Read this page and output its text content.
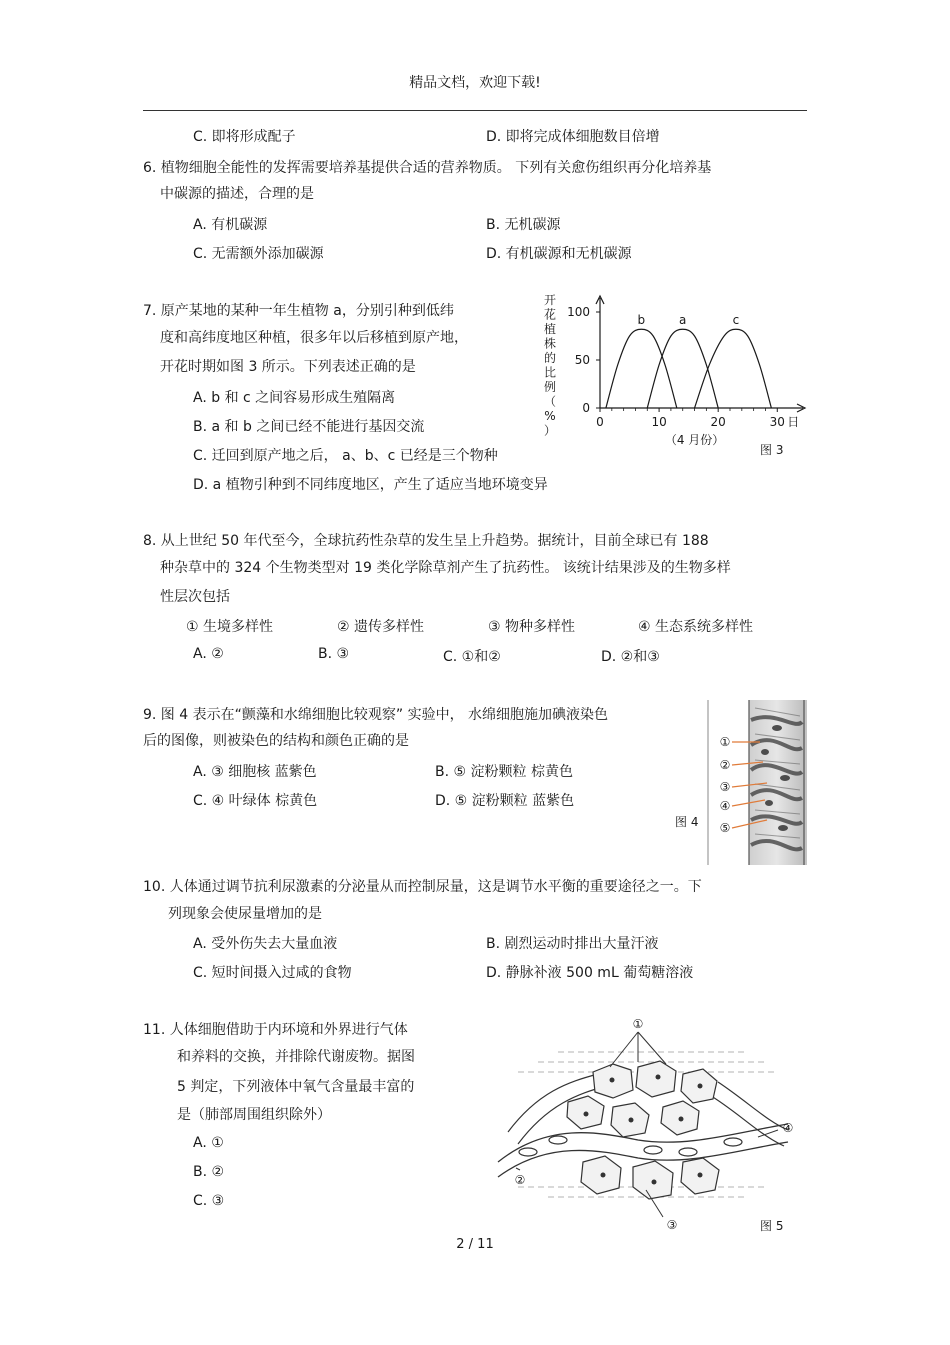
精品文档，欢迎下载!
C. 即将形成配子	D. 即将完成体细胞数目倍增
6. 植物细胞全能性的发挥需要培养基提供合适的营养物质。 下列有关愈伤组织再分化培养基
中碳源的描述，合理的是
A. 有机碳源	B. 无机碳源
C. 无需额外添加碳源	D. 有机碳源和无机碳源
7. 原产某地的某种一年生植物 a，分别引种到低纬
度和高纬度地区种植，很多年以后移植到原产地，
开花时期如图 3 所示。下列表述正确的是
A. b 和 c 之间容易形成生殖隔离
B. a 和 b 之间已经不能进行基因交流
C. 迁回到原产地之后， a、b、c 已经是三个物种
D. a 植物引种到不同纬度地区，产生了适应当地环境变异
开
花
植
株
的
比
例
（
%
）
b	a	c
0
50
100
0	10	20	30 日
（4 月份）
图 3
8. 从上世纪 50 年代至今，全球抗药性杂草的发生呈上升趋势。据统计，目前全球已有 188
种杂草中的 324 个生物类型对 19 类化学除草剂产生了抗药性。 该统计结果涉及的生物多样
性层次包括
① 生境多样性	② 遗传多样性	③ 物种多样性	④ 生态系统多样性
A. ②	B. ③	C. ①和②	D. ②和③
9. 图 4 表示在“颤藻和水绵细胞比较观察” 实验中， 水绵细胞施加碘液染色
后的图像，则被染色的结构和颜色正确的是
A. ③ 细胞核 蓝紫色	B. ⑤ 淀粉颗粒 棕黄色
C. ④ 叶绿体 棕黄色	D. ⑤ 淀粉颗粒 蓝紫色
图 4
①
②
③
④
⑤
10. 人体通过调节抗利尿激素的分泌量从而控制尿量，这是调节水平衡的重要途径之一。下
列现象会使尿量增加的是
A. 受外伤失去大量血液	B. 剧烈运动时排出大量汗液
C. 短时间摄入过咸的食物	D. 静脉补液 500 mL 葡萄糖溶液
11. 人体细胞借助于内环境和外界进行气体
和养料的交换，并排除代谢废物。据图
5 判定，下列液体中氧气含量最丰富的
是（肺部周围组织除外）
A. ①
B. ②
C. ③
①
②
③
④
图 5
2 / 11
